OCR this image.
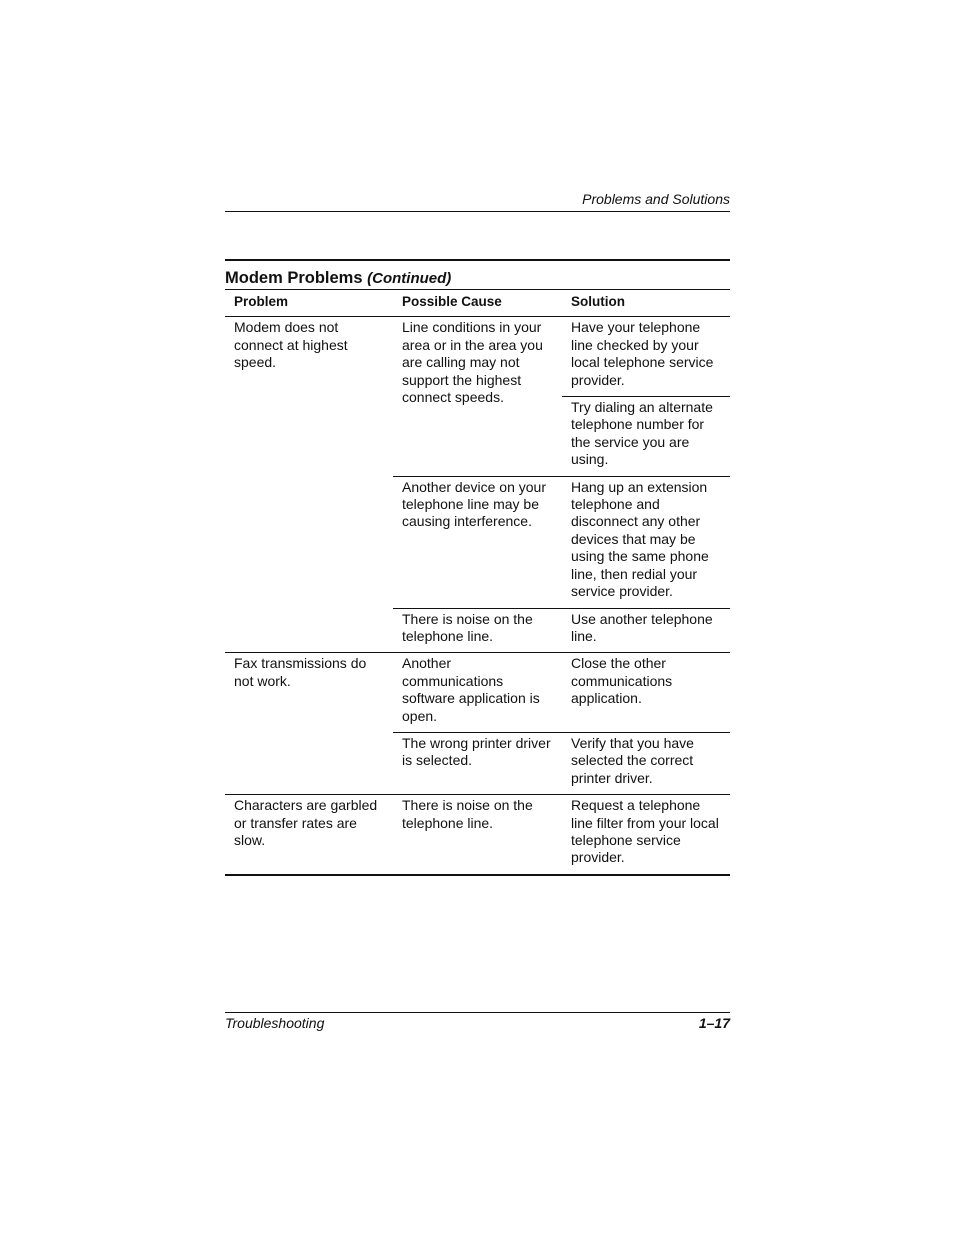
Problems and Solutions
Modem Problems (Continued)
Problem	Possible Cause	Solution
Modem does not connect at highest speed.	Line conditions in your area or in the area you are calling may not support the highest connect speeds.	Have your telephone line checked by your local telephone service provider.
		Try dialing an alternate telephone number for the service you are using.
	Another device on your telephone line may be causing interference.	Hang up an extension telephone and disconnect any other devices that may be using the same phone line, then redial your service provider.
	There is noise on the telephone line.	Use another telephone line.
Fax transmissions do not work.	Another communications software application is open.	Close the other communications application.
	The wrong printer driver is selected.	Verify that you have selected the correct printer driver.
Characters are garbled or transfer rates are slow.	There is noise on the telephone line.	Request a telephone line filter from your local telephone service provider.
Troubleshooting	1–17
